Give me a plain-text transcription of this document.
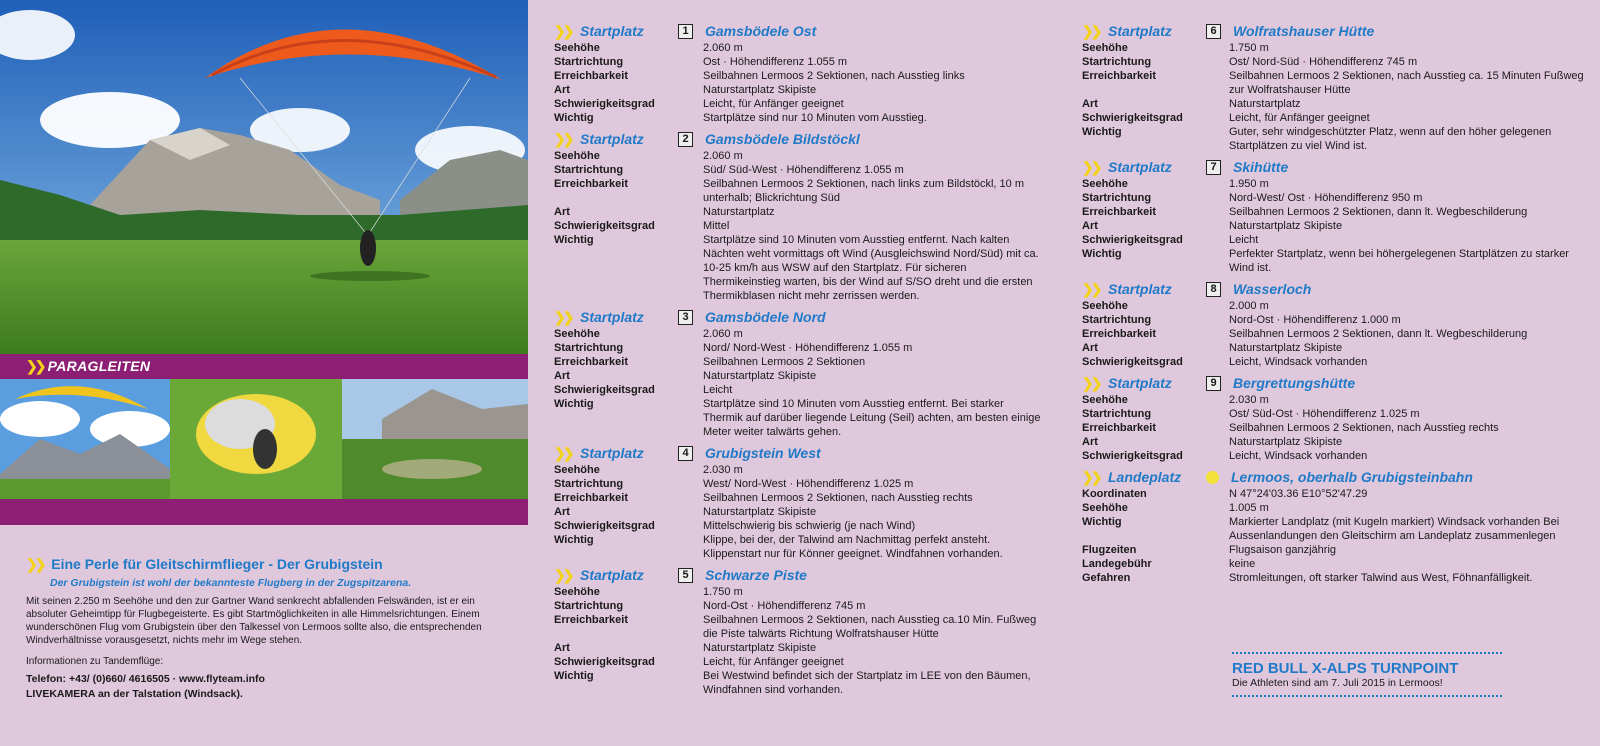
❯❯ PARAGLEITEN
❯❯ Eine Perle für Gleitschirmflieger - Der Grubigstein
Der Grubigstein ist wohl der bekannteste Flugberg in der Zugspitzarena.

Mit seinen 2.250 m Seehöhe und den zur Gartner Wand senkrecht abfallenden Felswänden, ist er ein absoluter Geheimtipp für Flugbegeisterte. Es gibt Startmöglichkeiten in alle Himmelsrichtungen. Einem wunderschönen Flug vom Grubigstein über den Talkessel von Lermoos sollte also, die entsprechenden Windverhältnisse vorausgesetzt, nichts mehr im Wege stehen.

Informationen zu Tandemflüge:

Telefon: +43/ (0)660/ 4616505 · www.flyteam.info
LIVEKAMERA an der Talstation (Windsack).
❯❯ Startplatz	1	Gamsbödele Ost
Seehöhe	2.060 m
Startrichtung	Ost · Höhendifferenz 1.055 m
Erreichbarkeit	Seilbahnen Lermoos 2 Sektionen, nach Ausstieg links
Art	Naturstartplatz Skipiste
Schwierigkeitsgrad	Leicht, für Anfänger geeignet
Wichtig	Startplätze sind nur 10 Minuten vom Ausstieg.
❯❯ Startplatz	2	Gamsbödele Bildstöckl
Seehöhe	2.060 m
Startrichtung	Süd/ Süd-West · Höhendifferenz 1.055 m
Erreichbarkeit	Seilbahnen Lermoos 2 Sektionen, nach links zum Bildstöckl, 10 m unterhalb; Blickrichtung Süd
Art	Naturstartplatz
Schwierigkeitsgrad	Mittel
Wichtig	Startplätze sind 10 Minuten vom Ausstieg entfernt. Nach kalten Nächten weht vormittags oft Wind (Ausgleichswind Nord/Süd) mit ca. 10-25 km/h aus WSW auf den Startplatz. Für sicheren Thermikeinstieg warten, bis der Wind auf S/SO dreht und die ersten Thermikblasen nicht mehr zerrissen werden.
❯❯ Startplatz	3	Gamsbödele Nord
Seehöhe	2.060 m
Startrichtung	Nord/ Nord-West · Höhendifferenz 1.055 m
Erreichbarkeit	Seilbahnen Lermoos 2 Sektionen
Art	Naturstartplatz Skipiste
Schwierigkeitsgrad	Leicht
Wichtig	Startplätze sind 10 Minuten vom Ausstieg entfernt. Bei starker Thermik auf darüber liegende Leitung (Seil) achten, am besten einige Meter weiter talwärts gehen.
❯❯ Startplatz	4	Grubigstein West
Seehöhe	2.030 m
Startrichtung	West/ Nord-West · Höhendifferenz 1.025 m
Erreichbarkeit	Seilbahnen Lermoos 2 Sektionen, nach Ausstieg rechts
Art	Naturstartplatz Skipiste
Schwierigkeitsgrad	Mittelschwierig bis schwierig (je nach Wind)
Wichtig	Klippe, bei der, der Talwind am Nachmittag perfekt ansteht. Klippenstart nur für Könner geeignet. Windfahnen vorhanden.
❯❯ Startplatz	5	Schwarze Piste
Seehöhe	1.750 m
Startrichtung	Nord-Ost · Höhendifferenz 745 m
Erreichbarkeit	Seilbahnen Lermoos 2 Sektionen, nach Ausstieg ca.10 Min. Fußweg die Piste talwärts Richtung Wolfratshauser Hütte
Art	Naturstartplatz Skipiste
Schwierigkeitsgrad	Leicht, für Anfänger geeignet
Wichtig	Bei Westwind befindet sich der Startplatz im LEE von den Bäumen, Windfahnen sind vorhanden.
❯❯ Startplatz	6	Wolfratshauser Hütte
Seehöhe	1.750 m
Startrichtung	Ost/ Nord-Süd · Höhendifferenz 745 m
Erreichbarkeit	Seilbahnen Lermoos 2 Sektionen, nach Ausstieg ca. 15 Minuten Fußweg zur Wolfratshauser Hütte
Art	Naturstartplatz
Schwierigkeitsgrad	Leicht, für Anfänger geeignet
Wichtig	Guter, sehr windgeschützter Platz, wenn auf den höher gelegenen Startplätzen zu viel Wind ist.
❯❯ Startplatz	7	Skihütte
Seehöhe	1.950 m
Startrichtung	Nord-West/ Ost · Höhendifferenz 950 m
Erreichbarkeit	Seilbahnen Lermoos 2 Sektionen, dann lt. Wegbeschilderung
Art	Naturstartplatz Skipiste
Schwierigkeitsgrad	Leicht
Wichtig	Perfekter Startplatz, wenn bei höhergelegenen Startplätzen zu starker Wind ist.
❯❯ Startplatz	8	Wasserloch
Seehöhe	2.000 m
Startrichtung	Nord-Ost · Höhendifferenz 1.000 m
Erreichbarkeit	Seilbahnen Lermoos 2 Sektionen, dann lt. Wegbeschilderung
Art	Naturstartplatz Skipiste
Schwierigkeitsgrad	Leicht, Windsack vorhanden
❯❯ Startplatz	9	Bergrettungshütte
Seehöhe	2.030 m
Startrichtung	Ost/ Süd-Ost · Höhendifferenz 1.025 m
Erreichbarkeit	Seilbahnen Lermoos 2 Sektionen, nach Ausstieg rechts
Art	Naturstartplatz Skipiste
Schwierigkeitsgrad	Leicht, Windsack vorhanden
❯❯ Landeplatz	Lermoos, oberhalb Grubigsteinbahn
Koordinaten	N 47°24'03.36 E10°52'47.29
Seehöhe	1.005 m
Wichtig	Markierter Landplatz (mit Kugeln markiert) Windsack vorhanden Bei Aussenlandungen den Gleitschirm am Landeplatz zusammenlegen
Flugzeiten	Flugsaison ganzjährig
Landegebühr	keine
Gefahren	Stromleitungen, oft starker Talwind aus West, Föhnanfälligkeit.
RED BULL X-ALPS TURNPOINT
Die Athleten sind am 7. Juli 2015 in Lermoos!
